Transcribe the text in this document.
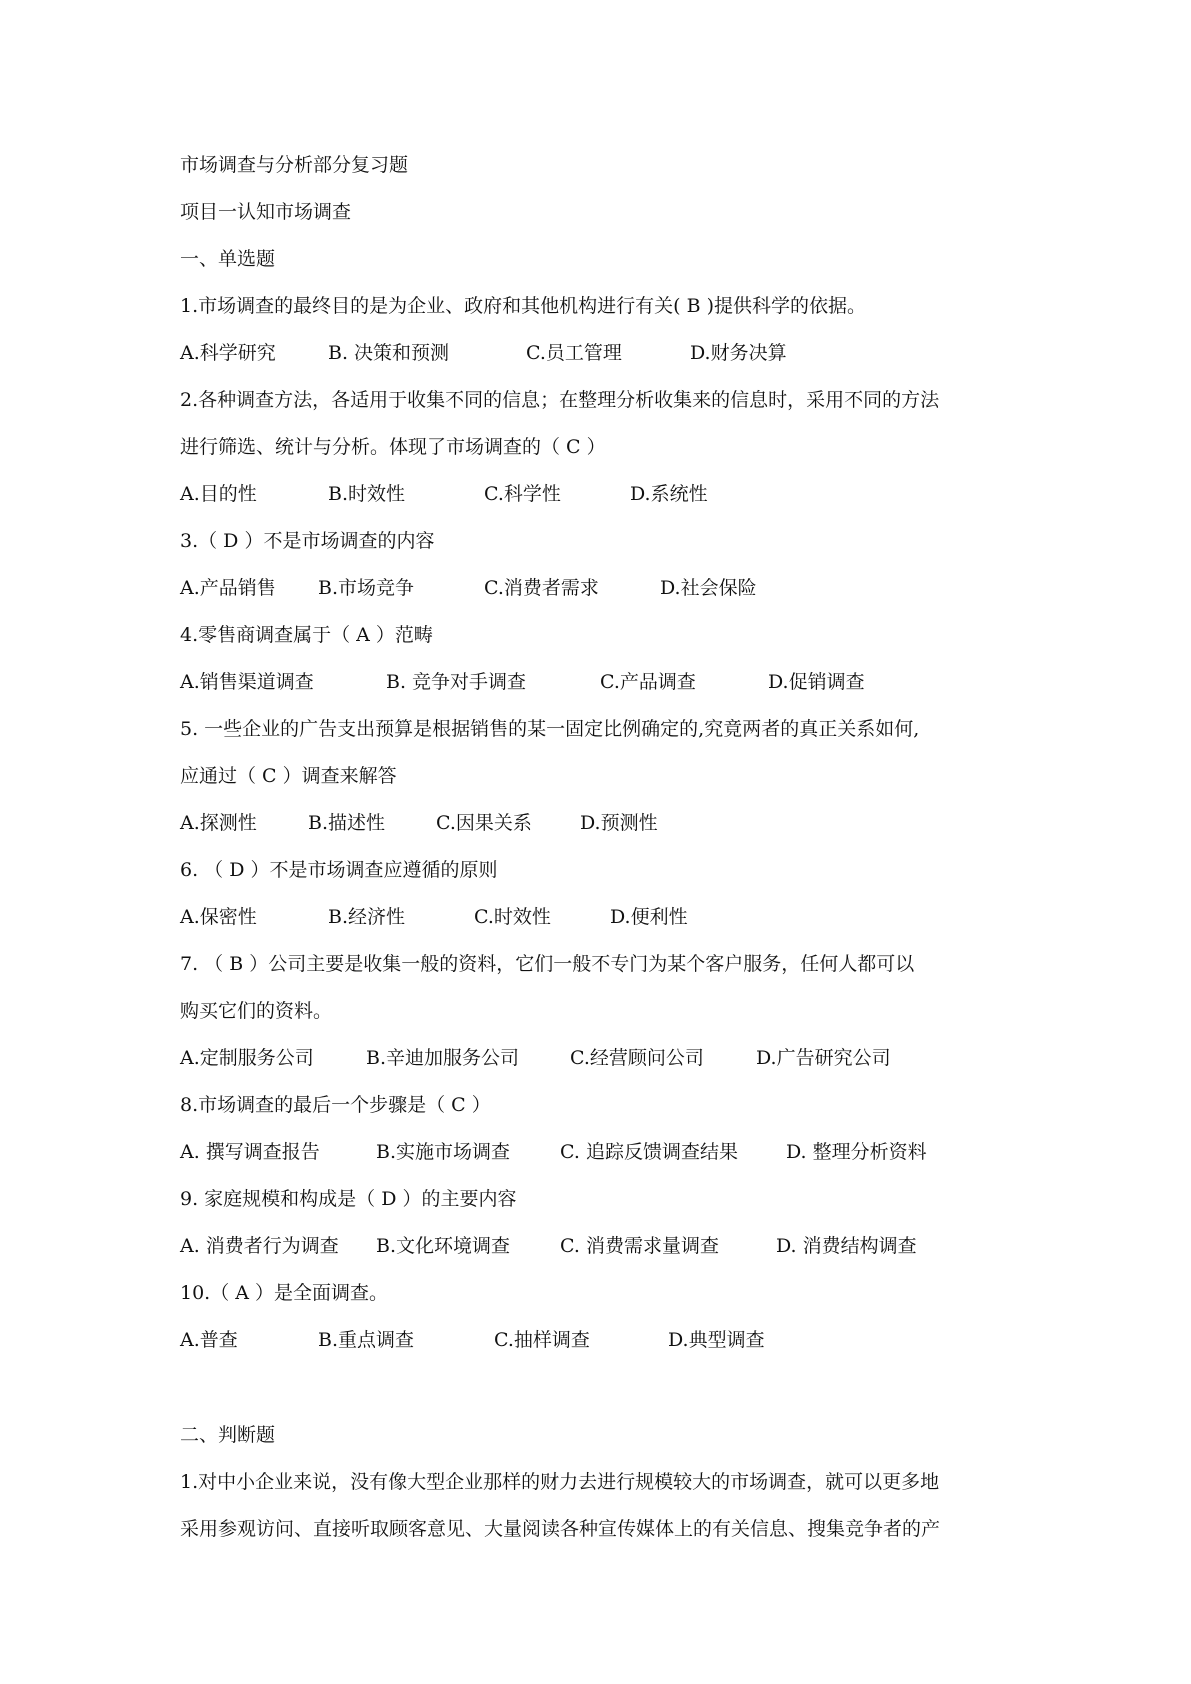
市场调查与分析部分复习题
项目一认知市场调查
一、单选题
1.市场调查的最终目的是为企业、政府和其他机构进行有关( B )提供科学的依据。
A.科学研究	B. 决策和预测	C.员工管理	D.财务决算
2.各种调查方法，各适用于收集不同的信息；在整理分析收集来的信息时，采用不同的方法
进行筛选、统计与分析。体现了市场调查的（ C ）
A.目的性	B.时效性	C.科学性	D.系统性
3.（ D ）不是市场调查的内容
A.产品销售 B.市场竞争	C.消费者需求	D.社会保险
4.零售商调查属于（ A ）范畴
A.销售渠道调查	B. 竞争对手调查	C.产品调查	D.促销调查
5. 一些企业的广告支出预算是根据销售的某一固定比例确定的,究竟两者的真正关系如何,
应通过（ C ）调查来解答
A.探测性	B.描述性	C.因果关系	D.预测性
6. （ D ）不是市场调查应遵循的原则
A.保密性	B.经济性	C.时效性	D.便利性
7. （ B ）公司主要是收集一般的资料，它们一般不专门为某个客户服务，任何人都可以
购买它们的资料。
A.定制服务公司	B.辛迪加服务公司	C.经营顾问公司	D.广告研究公司
8.市场调查的最后一个步骤是（ C ）
A. 撰写调查报告	B.实施市场调查	C. 追踪反馈调查结果	D. 整理分析资料
9. 家庭规模和构成是（ D ）的主要内容
A. 消费者行为调查 B.文化环境调查	C. 消费需求量调查	D. 消费结构调查
10.（ A ）是全面调查。
A.普查	B.重点调查	C.抽样调查	D.典型调查
二、判断题
1.对中小企业来说，没有像大型企业那样的财力去进行规模较大的市场调查，就可以更多地
采用参观访问、直接听取顾客意见、大量阅读各种宣传媒体上的有关信息、搜集竞争者的产
